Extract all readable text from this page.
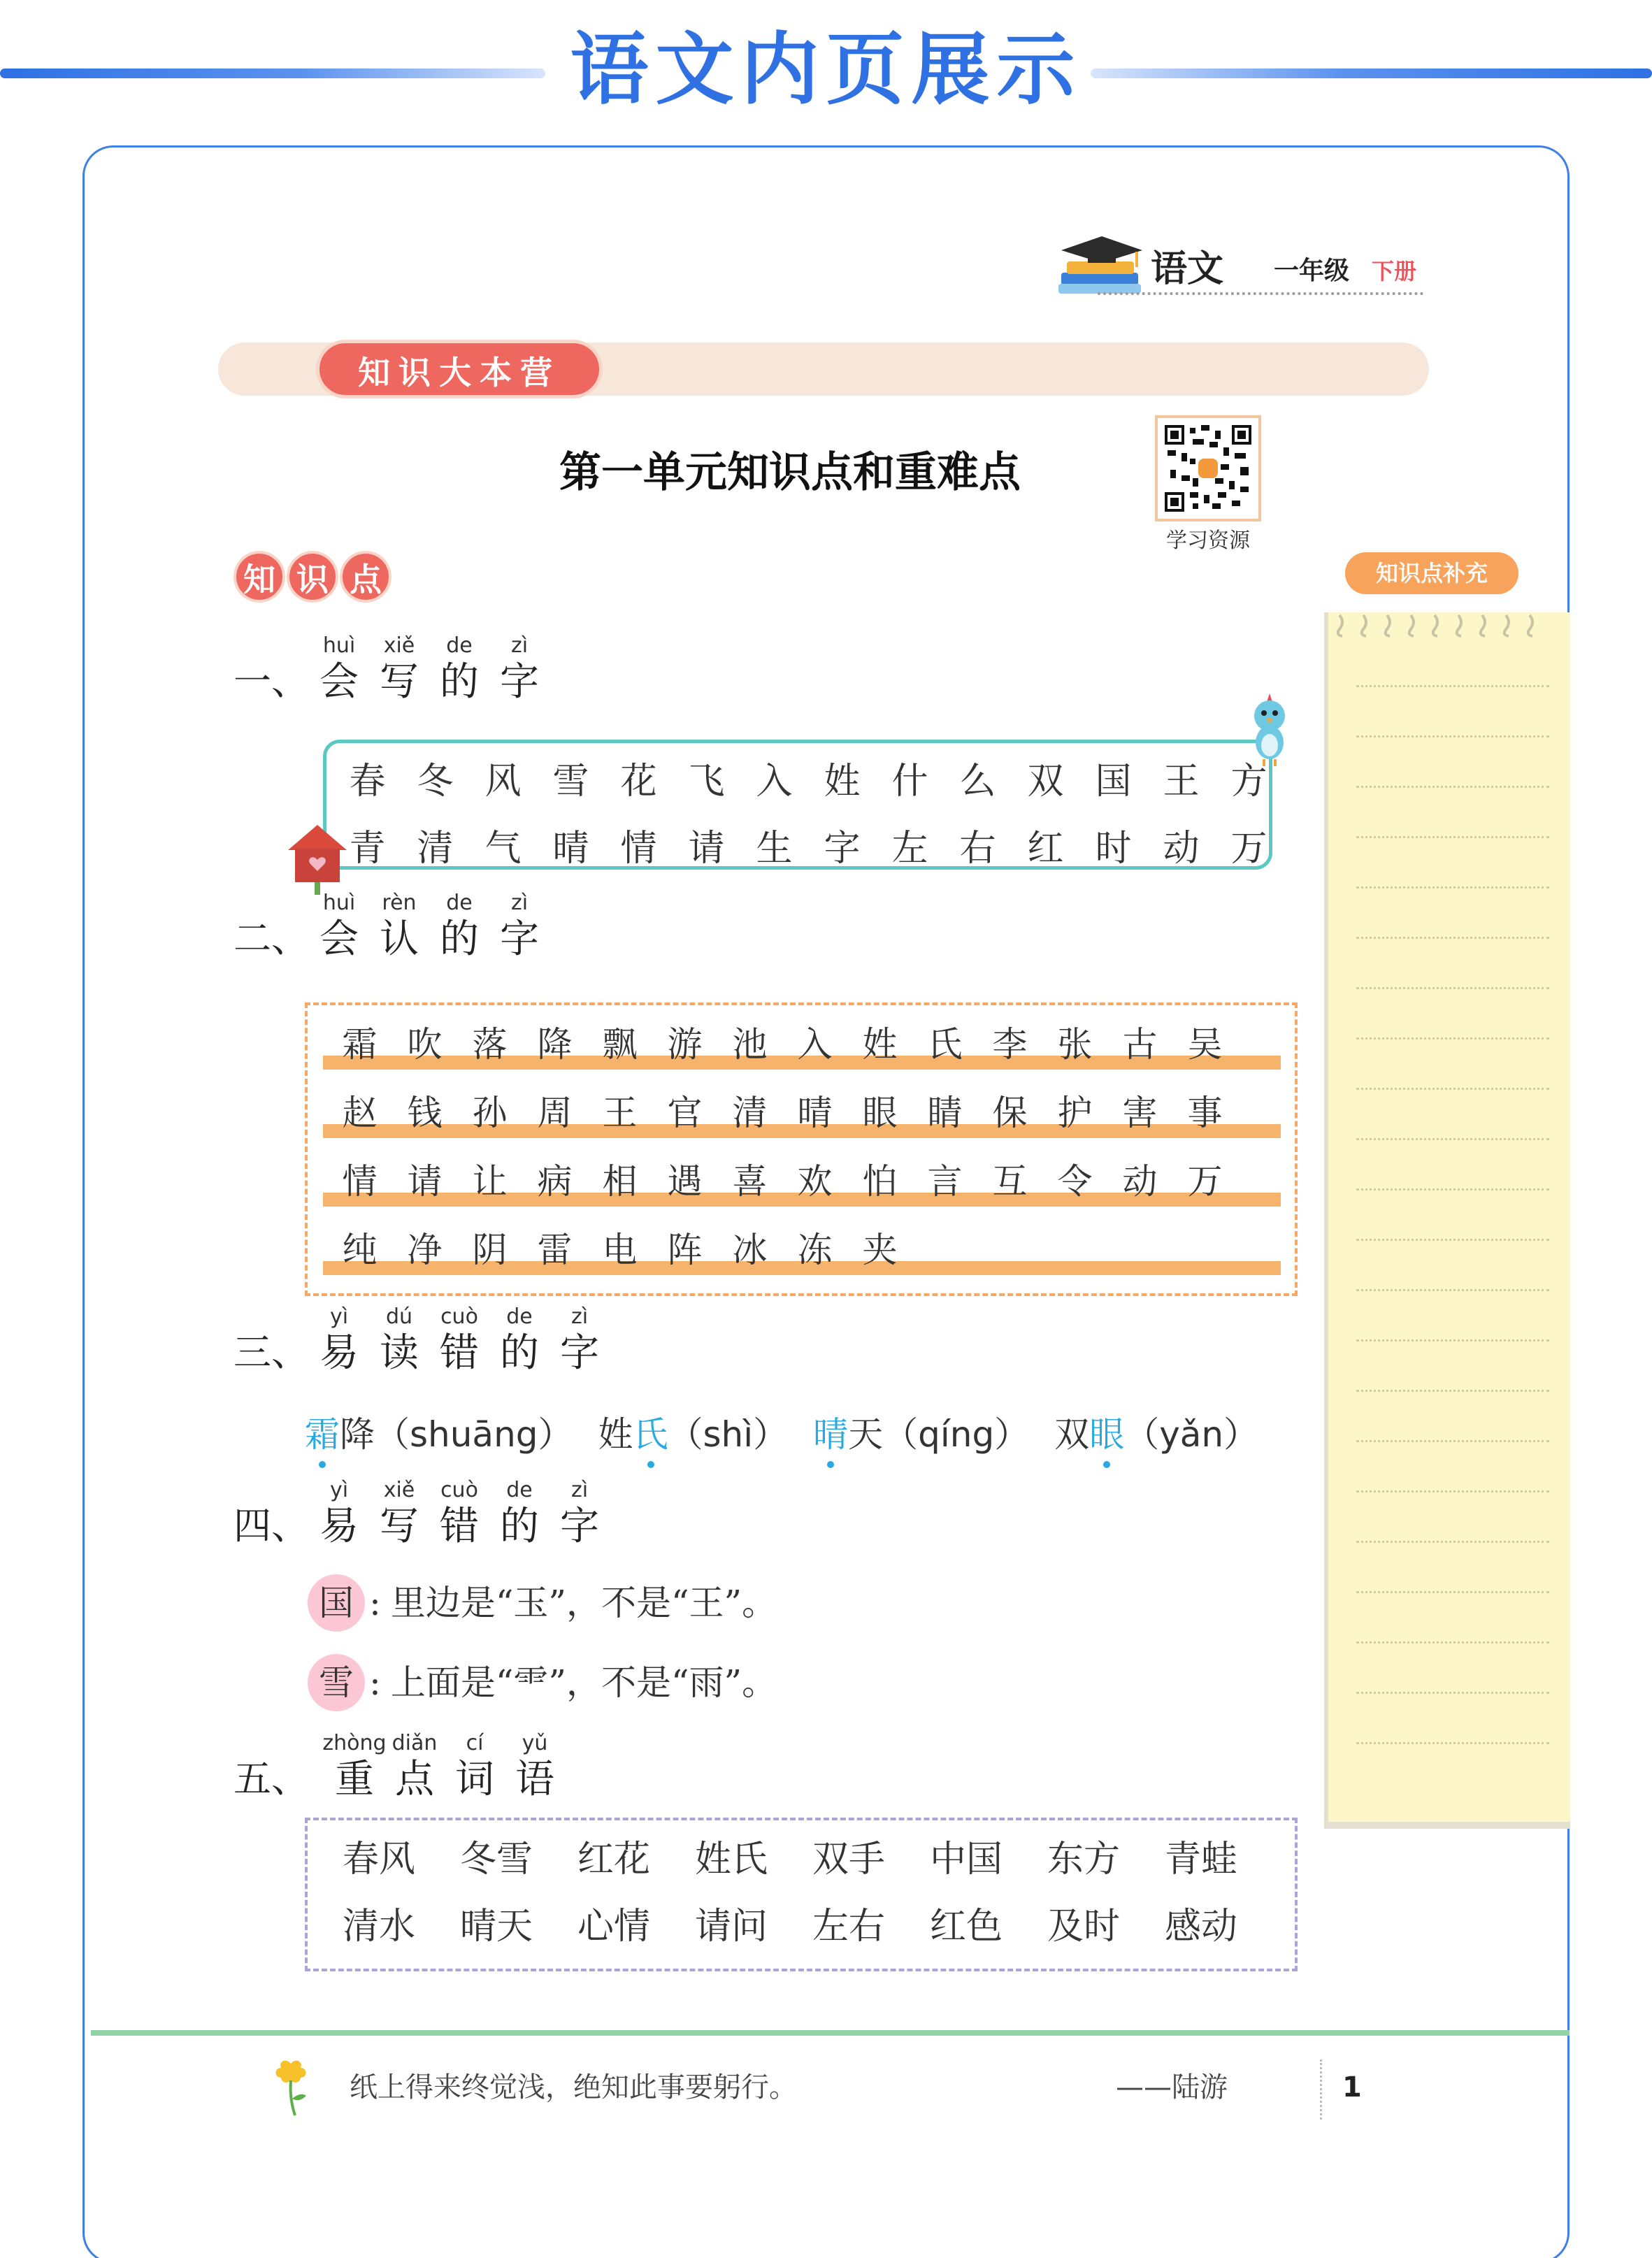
语文内页展示
语文 一年级 下册
知识大本营
第一单元知识点和重难点
学习资源
知 识 点	知识点补充
一、
huì
会
xiě
写
de
的
zì
字
春 冬 风 雪 花 飞 入 姓 什 么 双 国 王 方
青 清 气 晴 情 请 生 字 左 右 红 时 动 万
二、
huì
会
rèn
认
de
的
zì
字
霜 吹 落 降 飘 游 池 入 姓 氏 李 张 古 吴
赵 钱 孙 周 王 官 清 晴 眼 睛 保 护 害 事
情 请 让 病 相 遇 喜 欢 怕 言 互 令 动 万
纯 净 阴 雷 电 阵 冰 冻 夹
三、
yì
易
dú
读
cuò
错
de
的
zì
字
霜 降 （shuāng） 姓 氏 （shì） 晴 天 （qíng） 双 眼 （yǎn）
四、
yì
易
xiě
写
cuò
错
de
的
zì
字
国 : 里边是“玉”，不是“王”。
雪 : 上面是“⻗”，不是“雨”。
五、
zhòng
重
diǎn
点
cí
词
yǔ
语
春风	冬雪	红花	姓氏	双手	中国	东方	青蛙
清水	晴天	心情	请问	左右	红色	及时	感动
纸上得来终觉浅，绝知此事要躬行。	——陆游	1
